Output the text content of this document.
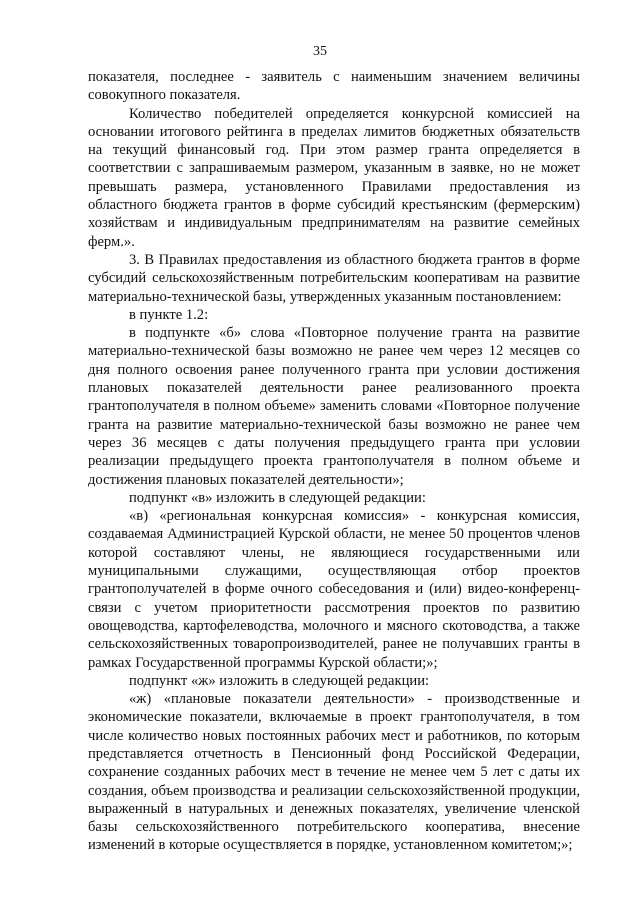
35

показателя, последнее - заявитель с наименьшим значением величины совокупного показателя.

Количество победителей определяется конкурсной комиссией на основании итогового рейтинга в пределах лимитов бюджетных обязательств на текущий финансовый год. При этом размер гранта определяется в соответствии с запрашиваемым размером, указанным в заявке, но не может превышать размера, установленного Правилами предоставления из областного бюджета грантов в форме субсидий крестьянским (фермерским) хозяйствам и индивидуальным предпринимателям на развитие семейных ферм.».

3. В Правилах предоставления из областного бюджета грантов в форме субсидий сельскохозяйственным потребительским кооперативам на развитие материально-технической базы, утвержденных указанным постановлением:

в пункте 1.2:

в подпункте «б» слова «Повторное получение гранта на развитие материально-технической базы возможно не ранее чем через 12 месяцев со дня полного освоения ранее полученного гранта при условии достижения плановых показателей деятельности ранее реализованного проекта грантополучателя в полном объеме» заменить словами «Повторное получение гранта на развитие материально-технической базы возможно не ранее чем через 36 месяцев с даты получения предыдущего гранта при условии реализации предыдущего проекта грантополучателя в полном объеме и достижения плановых показателей деятельности»;

подпункт «в» изложить в следующей редакции:

«в) «региональная конкурсная комиссия» - конкурсная комиссия, создаваемая Администрацией Курской области, не менее 50 процентов членов которой составляют члены, не являющиеся государственными или муниципальными служащими, осуществляющая отбор проектов грантополучателей в форме очного собеседования и (или) видео-конференц-связи с учетом приоритетности рассмотрения проектов по развитию овощеводства, картофелеводства, молочного и мясного скотоводства, а также сельскохозяйственных товаропроизводителей, ранее не получавших гранты в рамках Государственной программы Курской области;»;

подпункт «ж» изложить в следующей редакции:

«ж) «плановые показатели деятельности» - производственные и экономические показатели, включаемые в проект грантополучателя, в том числе количество новых постоянных рабочих мест и работников, по которым представляется отчетность в Пенсионный фонд Российской Федерации, сохранение созданных рабочих мест в течение не менее чем 5 лет с даты их создания, объем производства и реализации сельскохозяйственной продукции, выраженный в натуральных и денежных показателях, увеличение членской базы сельскохозяйственного потребительского кооператива, внесение изменений в которые осуществляется в порядке, установленном комитетом;»;
